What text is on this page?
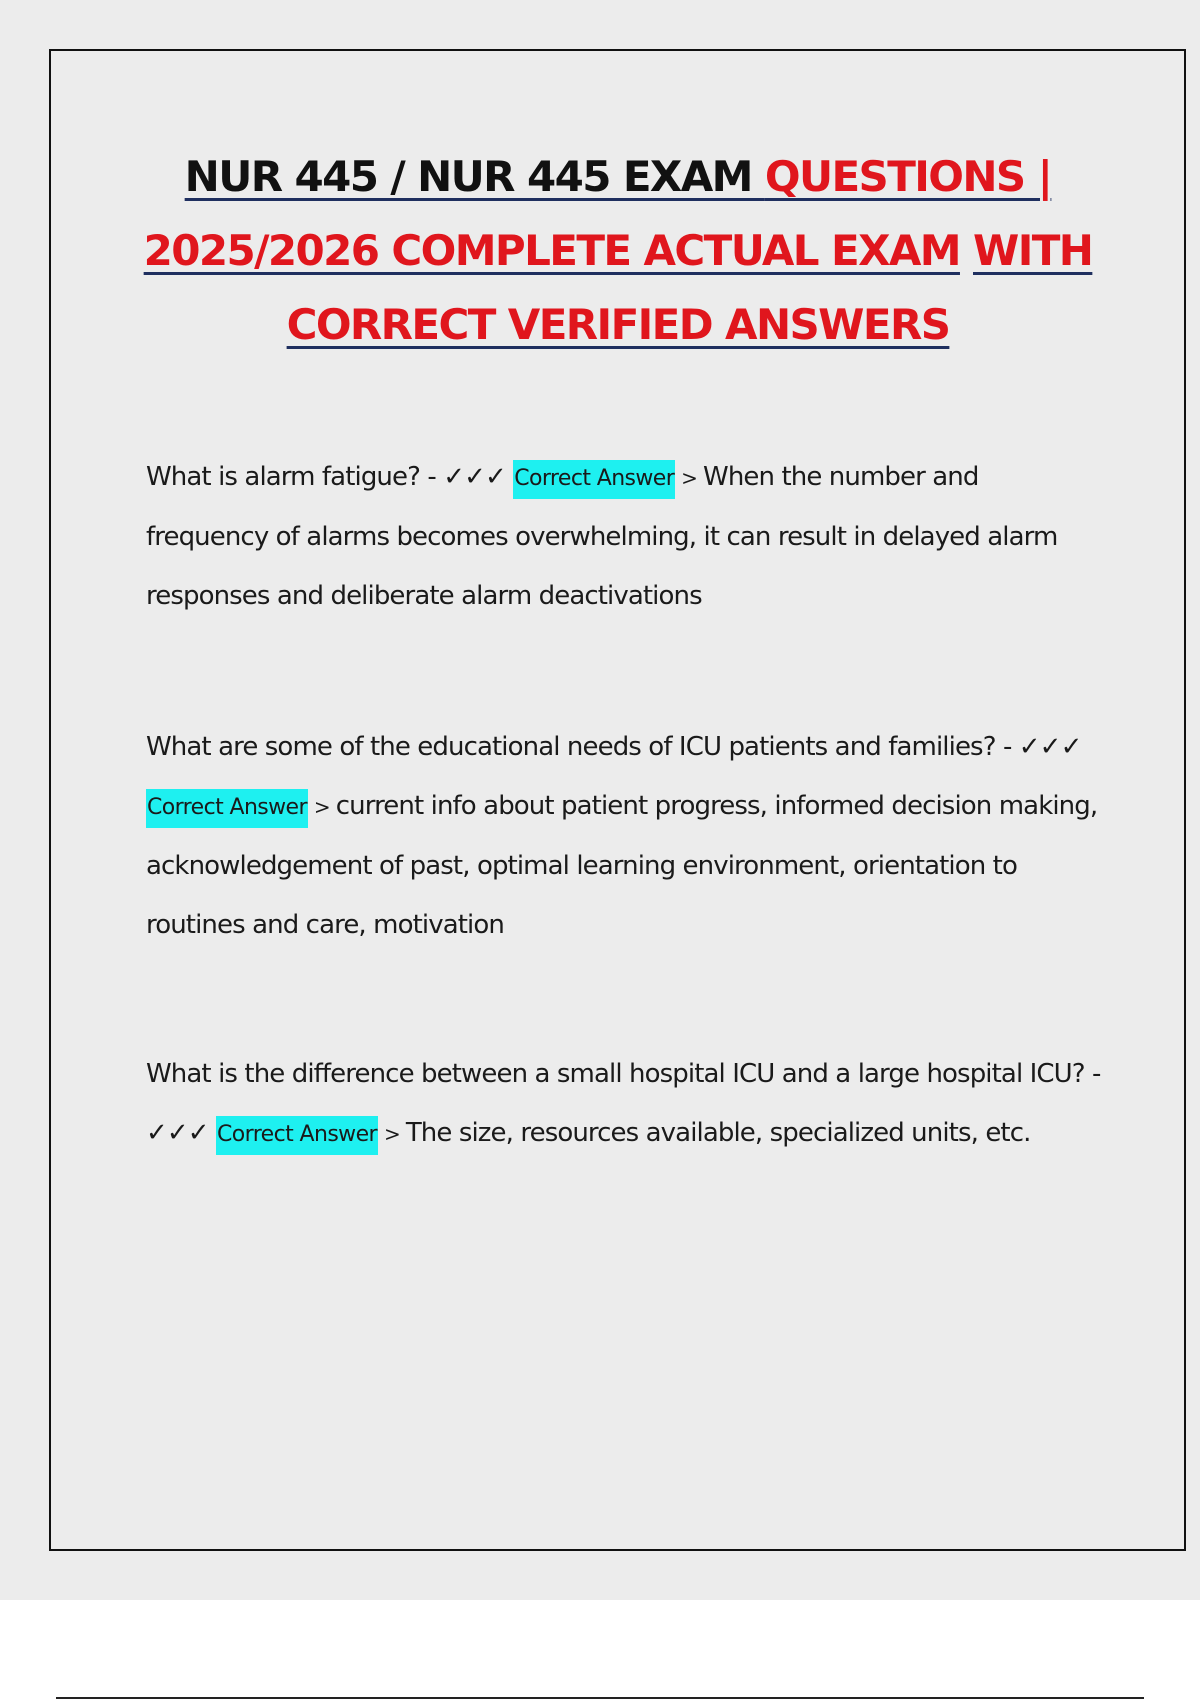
NUR 445 / NUR 445 EXAM QUESTIONS |
2025/2026 COMPLETE ACTUAL EXAM WITH
CORRECT VERIFIED ANSWERS
What is alarm fatigue? - ✓✓✓ Correct Answer > When the number and frequency of alarms becomes overwhelming, it can result in delayed alarm responses and deliberate alarm deactivations
What are some of the educational needs of ICU patients and families? - ✓✓✓ Correct Answer > current info about patient progress, informed decision making, acknowledgement of past, optimal learning environment, orientation to routines and care, motivation
What is the difference between a small hospital ICU and a large hospital ICU? - ✓✓✓ Correct Answer > The size, resources available, specialized units, etc.
